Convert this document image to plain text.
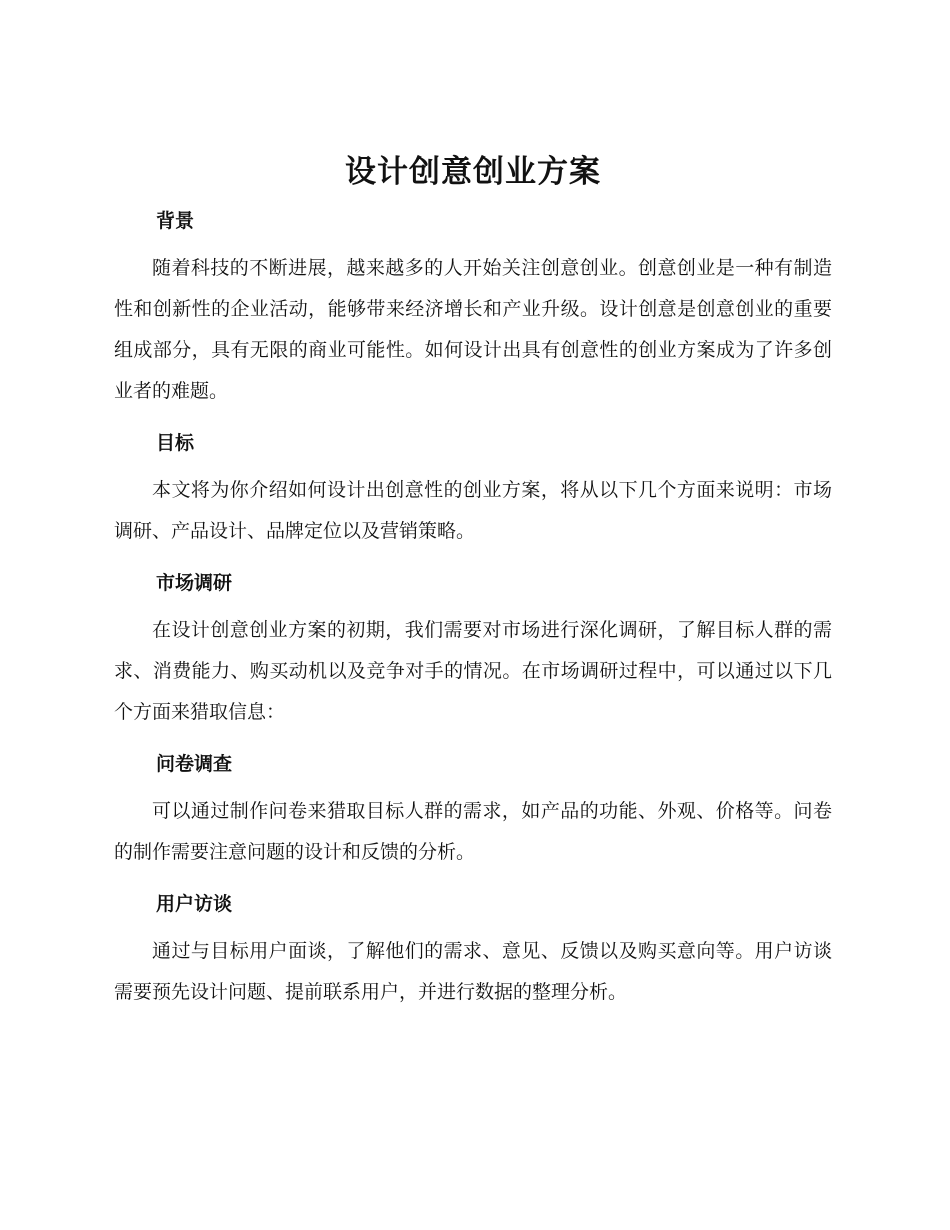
设计创意创业方案
背景

随着科技的不断进展，越来越多的人开始关注创意创业。创意创业是一种有制造性和创新性的企业活动，能够带来经济增长和产业升级。设计创意是创意创业的重要组成部分，具有无限的商业可能性。如何设计出具有创意性的创业方案成为了许多创业者的难题。

目标

本文将为你介绍如何设计出创意性的创业方案，将从以下几个方面来说明：市场调研、产品设计、品牌定位以及营销策略。

市场调研

在设计创意创业方案的初期，我们需要对市场进行深化调研，了解目标人群的需求、消费能力、购买动机以及竞争对手的情况。在市场调研过程中，可以通过以下几个方面来猎取信息：

问卷调查

可以通过制作问卷来猎取目标人群的需求，如产品的功能、外观、价格等。问卷的制作需要注意问题的设计和反馈的分析。

用户访谈

通过与目标用户面谈，了解他们的需求、意见、反馈以及购买意向等。用户访谈需要预先设计问题、提前联系用户，并进行数据的整理分析。
